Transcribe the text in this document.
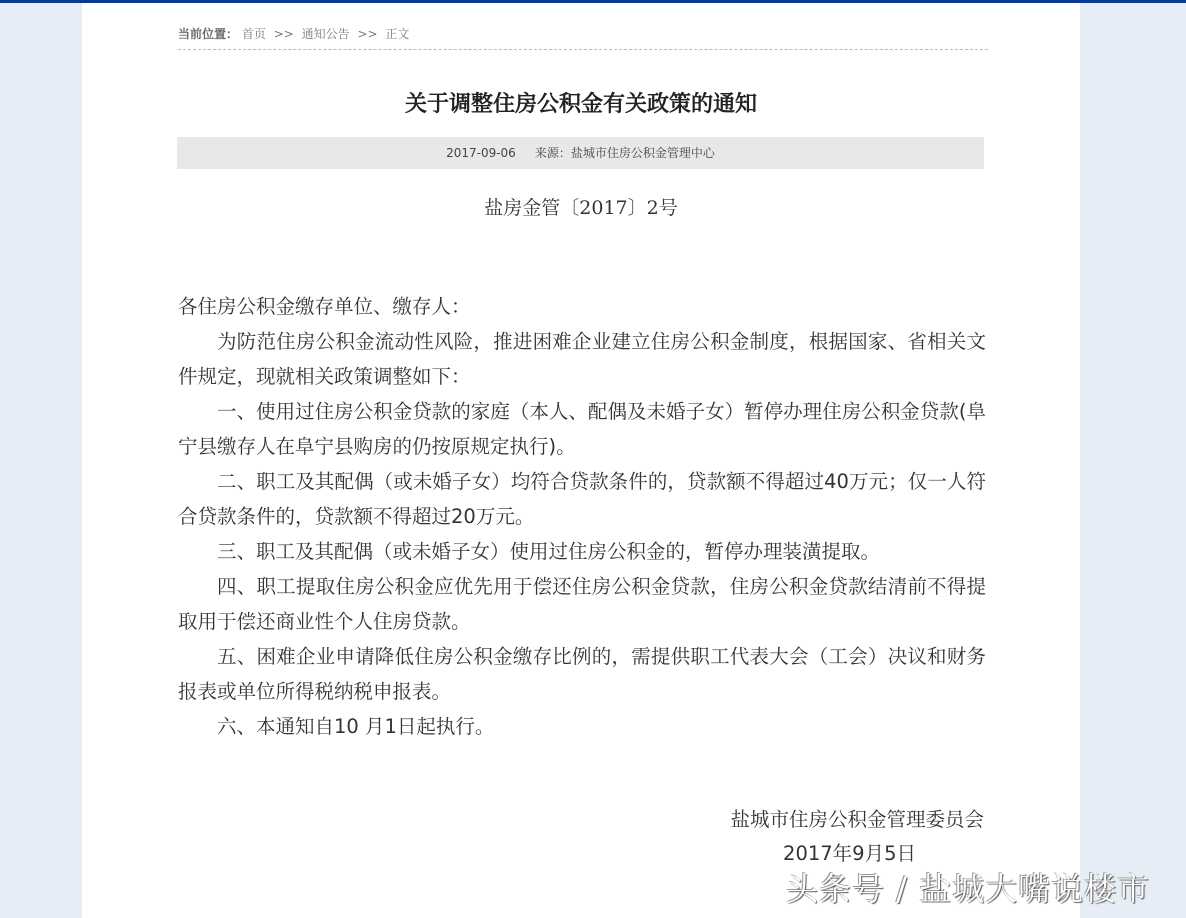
当前位置： 首页 >> 通知公告 >> 正文
关于调整住房公积金有关政策的通知
2017-09-06 来源：盐城市住房公积金管理中心
盐房金管〔2017〕2号

各住房公积金缴存单位、缴存人：

为防范住房公积金流动性风险，推进困难企业建立住房公积金制度，根据国家、省相关文件规定，现就相关政策调整如下：

一、使用过住房公积金贷款的家庭（本人、配偶及未婚子女）暂停办理住房公积金贷款(阜宁县缴存人在阜宁县购房的仍按原规定执行)。

二、职工及其配偶（或未婚子女）均符合贷款条件的，贷款额不得超过40万元；仅一人符合贷款条件的，贷款额不得超过20万元。

三、职工及其配偶（或未婚子女）使用过住房公积金的，暂停办理装潢提取。

四、职工提取住房公积金应优先用于偿还住房公积金贷款，住房公积金贷款结清前不得提取用于偿还商业性个人住房贷款。

五、困难企业申请降低住房公积金缴存比例的，需提供职工代表大会（工会）决议和财务报表或单位所得税纳税申报表。

六、本通知自10 月1日起执行。

盐城市住房公积金管理委员会
2017年9月5日
头条号 / 盐城大嘴说楼市
